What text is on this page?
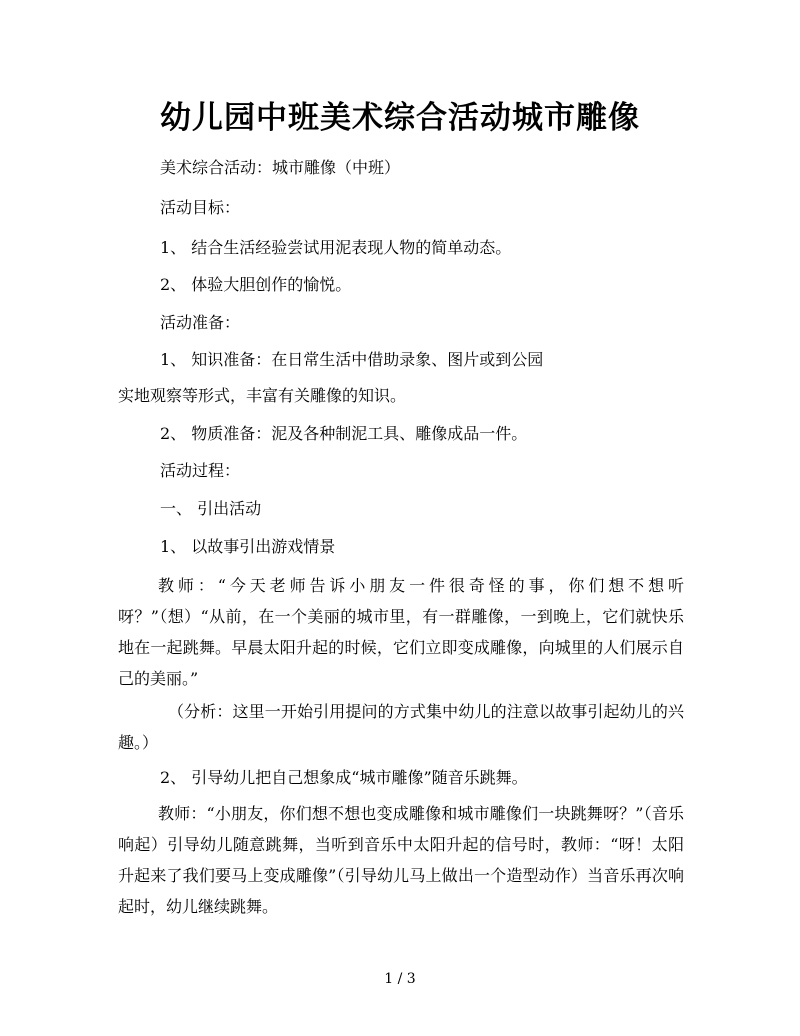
幼儿园中班美术综合活动城市雕像

美术综合活动：城市雕像（中班）

活动目标：

1、 结合生活经验尝试用泥表现人物的简单动态。

2、 体验大胆创作的愉悦。

活动准备：

1、 知识准备：在日常生活中借助录象、图片或到公园

实地观察等形式，丰富有关雕像的知识。

2、 物质准备：泥及各种制泥工具、雕像成品一件。

活动过程：

一、 引出活动

1、 以故事引出游戏情景

教师：“今天老师告诉小朋友一件很奇怪的事，你们想不想听呀？”（想）“从前，在一个美丽的城市里，有一群雕像，一到晚上，它们就快乐地在一起跳舞。早晨太阳升起的时候，它们立即变成雕像，向城里的人们展示自己的美丽。”

（分析：这里一开始引用提问的方式集中幼儿的注意以故事引起幼儿的兴趣。）

2、 引导幼儿把自己想象成“城市雕像”随音乐跳舞。

教师：“小朋友，你们想不想也变成雕像和城市雕像们一块跳舞呀？”（音乐响起）引导幼儿随意跳舞，当听到音乐中太阳升起的信号时，教师：“呀！太阳升起来了我们要马上变成雕像”（引导幼儿马上做出一个造型动作）当音乐再次响起时，幼儿继续跳舞。

1 / 3
